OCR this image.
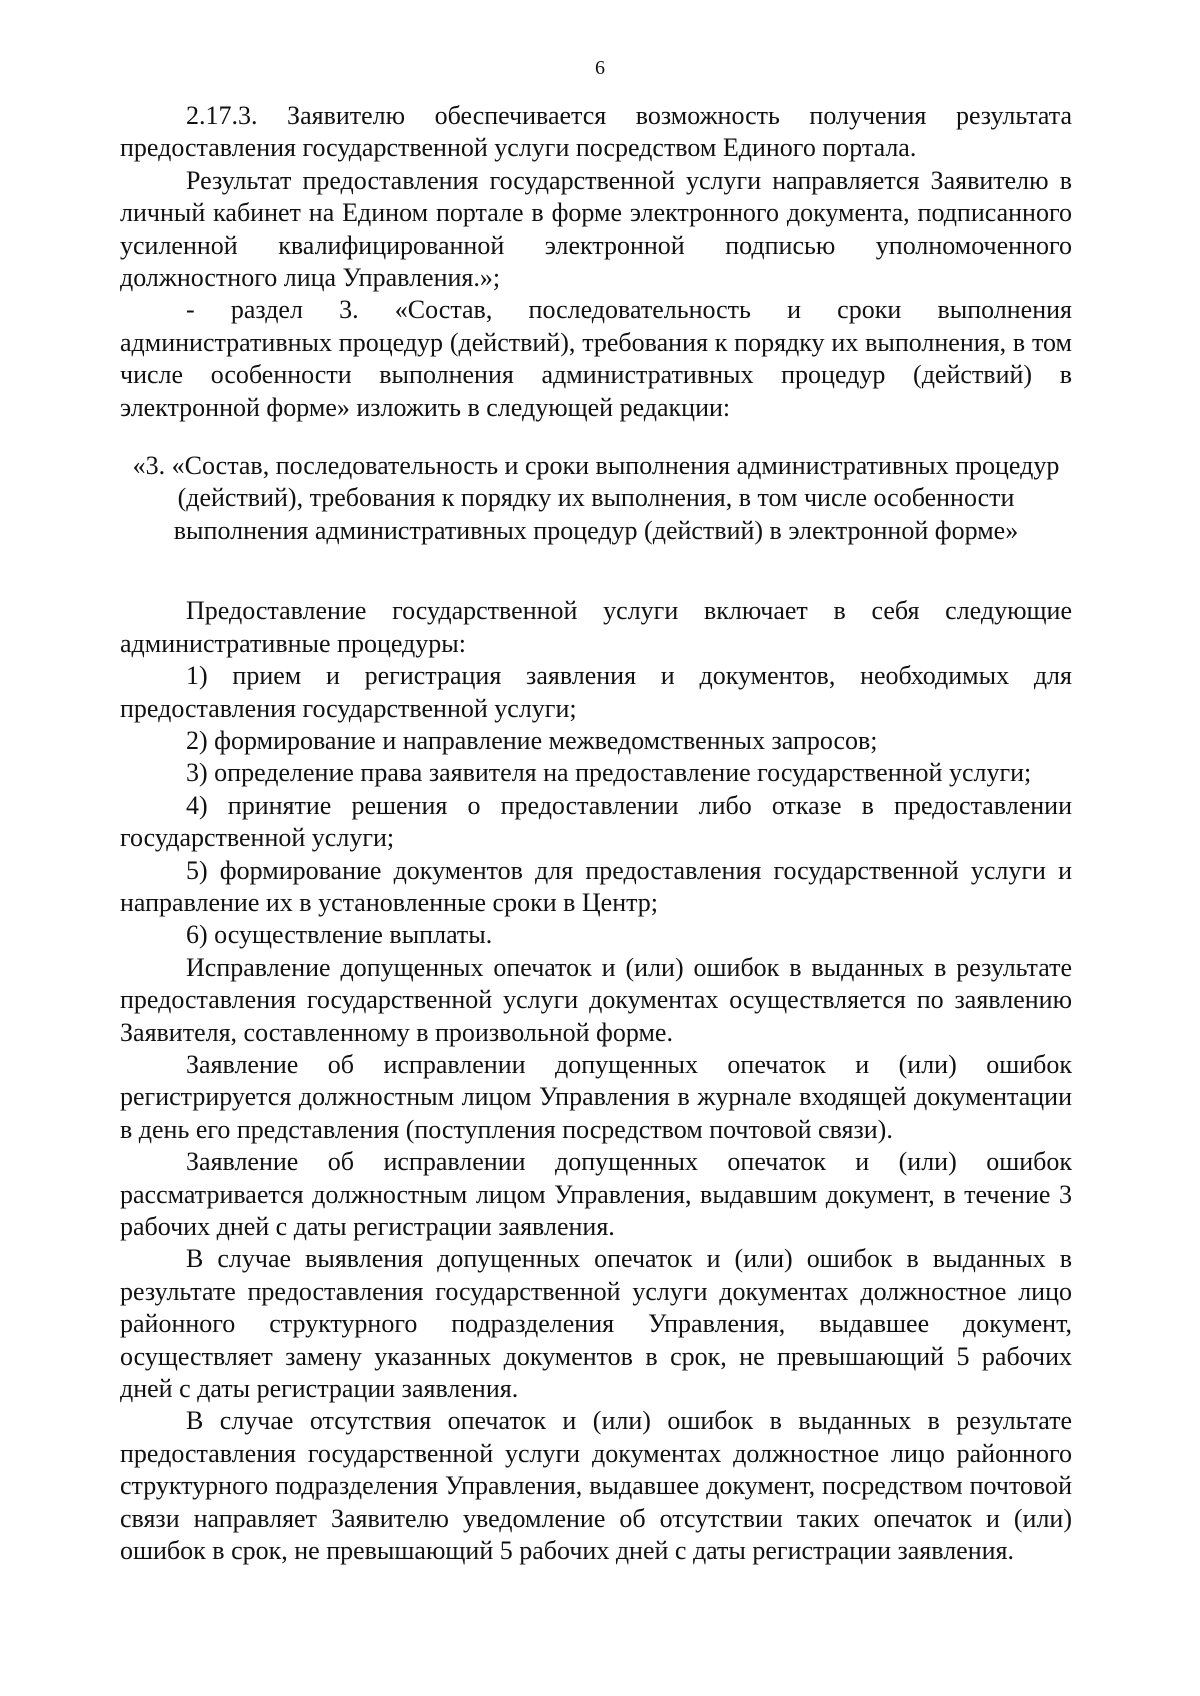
6

2.17.3. Заявителю обеспечивается возможность получения результата предоставления государственной услуги посредством Единого портала.

Результат предоставления государственной услуги направляется Заявителю в личный кабинет на Едином портале в форме электронного документа, подписанного усиленной квалифицированной электронной подписью уполномоченного должностного лица Управления.»;

- раздел 3. «Состав, последовательность и сроки выполнения административных процедур (действий), требования к порядку их выполнения, в том числе особенности выполнения административных процедур (действий) в электронной форме» изложить в следующей редакции:

«3. «Состав, последовательность и сроки выполнения административных процедур (действий), требования к порядку их выполнения, в том числе особенности выполнения административных процедур (действий) в электронной форме»

Предоставление государственной услуги включает в себя следующие административные процедуры:

1) прием и регистрация заявления и документов, необходимых для предоставления государственной услуги;

2) формирование и направление межведомственных запросов;

3) определение права заявителя на предоставление государственной услуги;

4) принятие решения о предоставлении либо отказе в предоставлении государственной услуги;

5) формирование документов для предоставления государственной услуги и направление их в установленные сроки в Центр;

6) осуществление выплаты.

Исправление допущенных опечаток и (или) ошибок в выданных в результате предоставления государственной услуги документах осуществляется по заявлению Заявителя, составленному в произвольной форме.

Заявление об исправлении допущенных опечаток и (или) ошибок регистрируется должностным лицом Управления в журнале входящей документации в день его представления (поступления посредством почтовой связи).

Заявление об исправлении допущенных опечаток и (или) ошибок рассматривается должностным лицом Управления, выдавшим документ, в течение 3 рабочих дней с даты регистрации заявления.

В случае выявления допущенных опечаток и (или) ошибок в выданных в результате предоставления государственной услуги документах должностное лицо районного структурного подразделения Управления, выдавшее документ, осуществляет замену указанных документов в срок, не превышающий 5 рабочих дней с даты регистрации заявления.

В случае отсутствия опечаток и (или) ошибок в выданных в результате предоставления государственной услуги документах должностное лицо районного структурного подразделения Управления, выдавшее документ, посредством почтовой связи направляет Заявителю уведомление об отсутствии таких опечаток и (или) ошибок в срок, не превышающий 5 рабочих дней с даты регистрации заявления.
